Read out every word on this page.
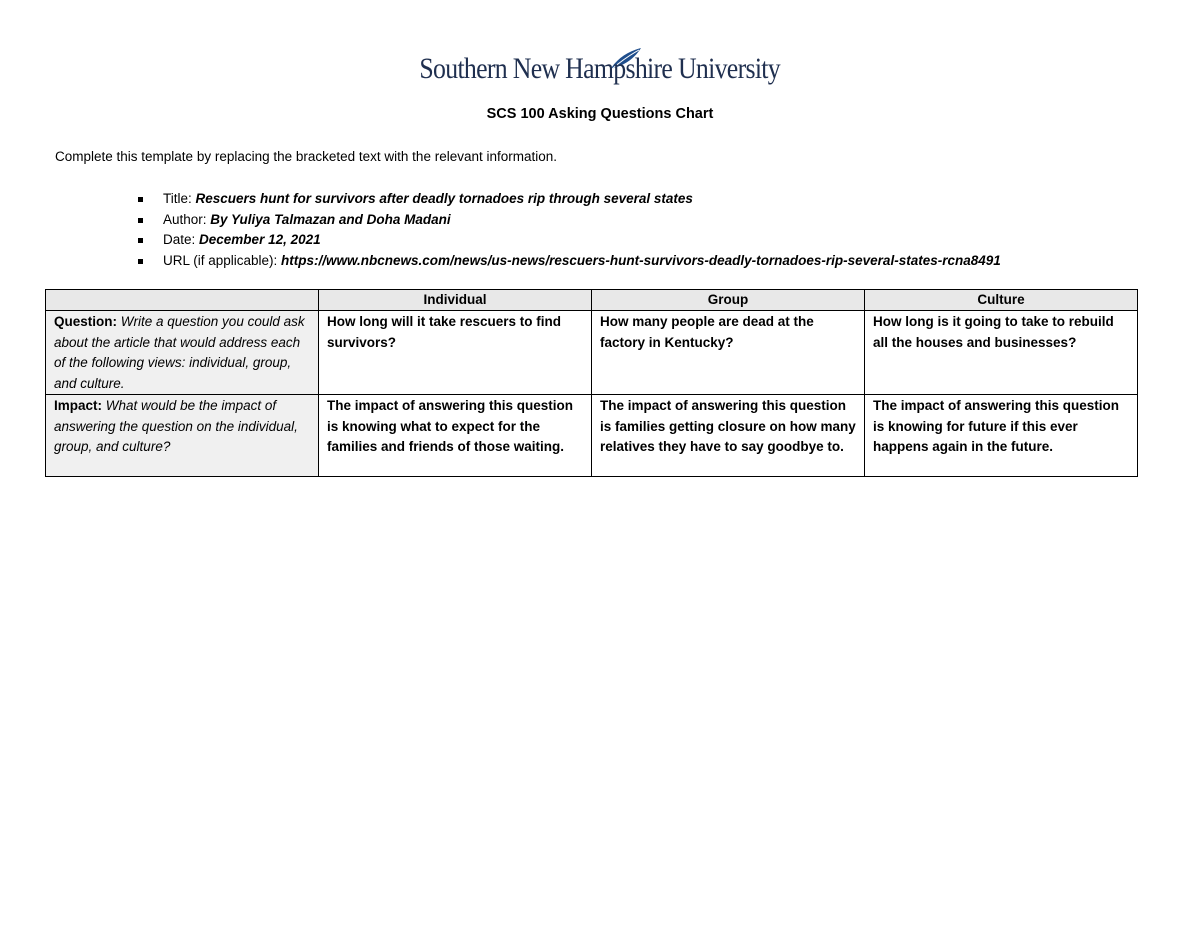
Southern New Hampshire University
SCS 100 Asking Questions Chart
Complete this template by replacing the bracketed text with the relevant information.
Title: Rescuers hunt for survivors after deadly tornadoes rip through several states
Author: By Yuliya Talmazan and Doha Madani
Date: December 12, 2021
URL (if applicable): https://www.nbcnews.com/news/us-news/rescuers-hunt-survivors-deadly-tornadoes-rip-several-states-rcna8491
	Individual	Group	Culture
Question: Write a question you could ask about the article that would address each of the following views: individual, group, and culture.	How long will it take rescuers to find survivors?	How many people are dead at the factory in Kentucky?	How long is it going to take to rebuild all the houses and businesses?
Impact: What would be the impact of answering the question on the individual, group, and culture?	The impact of answering this question is knowing what to expect for the families and friends of those waiting.	The impact of answering this question is families getting closure on how many relatives they have to say goodbye to.	The impact of answering this question is knowing for future if this ever happens again in the future.
